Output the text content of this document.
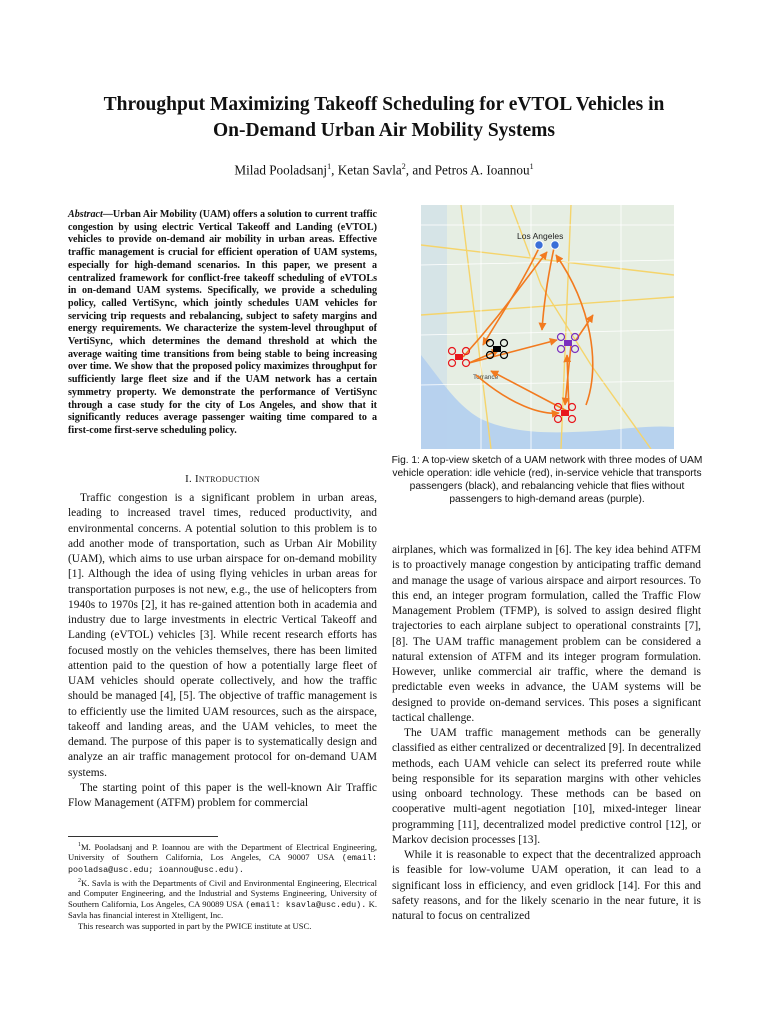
Throughput Maximizing Takeoff Scheduling for eVTOL Vehicles in
On-Demand Urban Air Mobility Systems
Milad Pooladsanj$^1$, Ketan Savla$^2$, and Petros A. Ioannou$^1$
Abstract—Urban Air Mobility (UAM) offers a solution to current traffic congestion by using electric Vertical Takeoff and Landing (eVTOL) vehicles to provide on-demand air mobility in urban areas. Effective traffic management is crucial for efficient operation of UAM systems, especially for high-demand scenarios. In this paper, we present a centralized framework for conflict-free takeoff scheduling of eVTOLs in on-demand UAM systems. Specifically, we provide a scheduling policy, called VertiSync, which jointly schedules UAM vehicles for servicing trip requests and rebalancing, subject to safety margins and energy requirements. We characterize the system-level throughput of VertiSync, which determines the demand threshold at which the average waiting time transitions from being stable to being increasing over time. We show that the proposed policy maximizes throughput for sufficiently large fleet size and if the UAM network has a certain symmetry property. We demonstrate the performance of VertiSync through a case study for the city of Los Angeles, and show that it significantly reduces average passenger waiting time compared to a first-come first-serve scheduling policy.
I. Introduction

Traffic congestion is a significant problem in urban areas, leading to increased travel times, reduced productivity, and environmental concerns. A potential solution to this problem is to add another mode of transportation, such as Urban Air Mobility (UAM), which aims to use urban airspace for on-demand mobility [1]. Although the idea of using flying vehicles in urban areas for transportation purposes is not new, e.g., the use of helicopters from 1940s to 1970s [2], it has re-gained attention both in academia and industry due to large investments in electric Vertical Takeoff and Landing (eVTOL) vehicles [3]. While recent research efforts has focused mostly on the vehicles themselves, there has been limited attention paid to the question of how a potentially large fleet of UAM vehicles should operate collectively, and how the traffic should be managed [4], [5]. The objective of traffic management is to efficiently use the limited UAM resources, such as the airspace, takeoff and landing areas, and the UAM vehicles, to meet the demand. The purpose of this paper is to systematically design and analyze an air traffic management protocol for on-demand UAM systems.

The starting point of this paper is the well-known Air Traffic Flow Management (ATFM) problem for commercial

$^1$M. Pooladsanj and P. Ioannou are with the Department of Electrical Engineering, University of Southern California, Los Angeles, CA 90007 USA (email: pooladsa@usc.edu; ioannou@usc.edu).

$^2$K. Savla is with the Departments of Civil and Environmental Engineering, Electrical and Computer Engineering, and the Industrial and Systems Engineering, University of Southern California, Los Angeles, CA 90089 USA (email: ksavla@usc.edu). K. Savla has financial interest in Xtelligent, Inc.

This research was supported in part by the PWICE institute at USC.

Los Angeles
Torrance
Fig. 1: A top-view sketch of a UAM network with three modes of UAM vehicle operation: idle vehicle (red), in-service vehicle that transports passengers (black), and rebalancing vehicle that flies without passengers to high-demand areas (purple).

airplanes, which was formalized in [6]. The key idea behind ATFM is to proactively manage congestion by anticipating traffic demand and manage the usage of various airspace and airport resources. To this end, an integer program formulation, called the Traffic Flow Management Problem (TFMP), is solved to assign desired flight trajectories to each airplane subject to operational constraints [7], [8]. The UAM traffic management problem can be considered a natural extension of ATFM and its integer program formulation. However, unlike commercial air traffic, where the demand is predictable even weeks in advance, the UAM systems will be designed to provide on-demand services. This poses a significant tactical challenge.

The UAM traffic management methods can be generally classified as either centralized or decentralized [9]. In decentralized methods, each UAM vehicle can select its preferred route while being responsible for its separation margins with other vehicles using onboard technology. These methods can be based on cooperative multi-agent negotiation [10], mixed-integer linear programming [11], decentralized model predictive control [12], or Markov decision processes [13].

While it is reasonable to expect that the decentralized approach is feasible for low-volume UAM operation, it can lead to a significant loss in efficiency, and even gridlock [14]. For this and safety reasons, and for the likely scenario in the near future, it is natural to focus on centralized
